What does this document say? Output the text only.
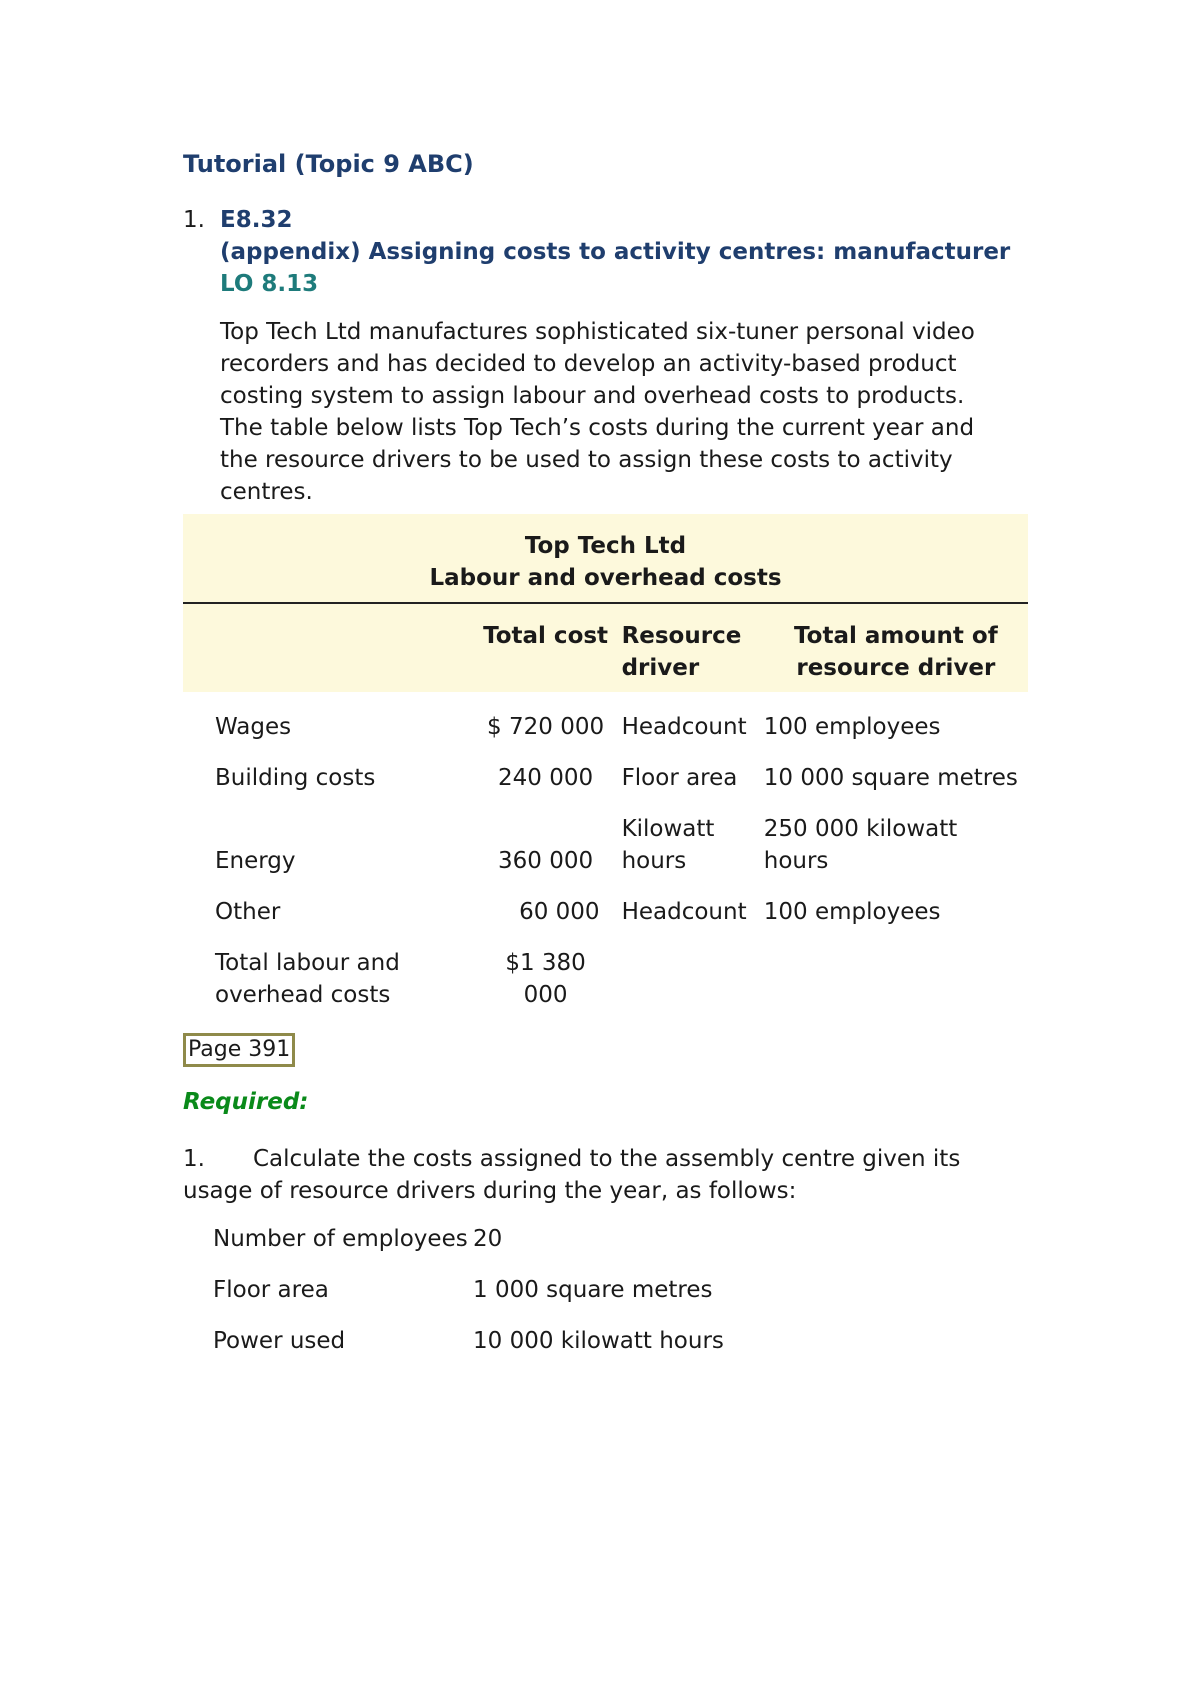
Tutorial (Topic 9 ABC)
1. E8.32
(appendix) Assigning costs to activity centres: manufacturer LO 8.13
Top Tech Ltd manufactures sophisticated six-tuner personal video recorders and has decided to develop an activity-based product costing system to assign labour and overhead costs to products. The table below lists Top Tech’s costs during the current year and the resource drivers to be used to assign these costs to activity centres.
Top Tech Ltd
Labour and overhead costs			

	Total cost	Resource driver	Total amount of resource driver
Wages	$ 720 000	Headcount	100 employees
Building costs	240 000	Floor area	10 000 square metres
Energy	360 000	Kilowatt hours	250 000 kilowatt hours
Other	60 000	Headcount	100 employees
Total labour and overhead costs	$1 380 000		
Page 391
Required:
1. Calculate the costs assigned to the assembly centre given its usage of resource drivers during the year, as follows:
Number of employees	20
Floor area	1 000 square metres
Power used	10 000 kilowatt hours
